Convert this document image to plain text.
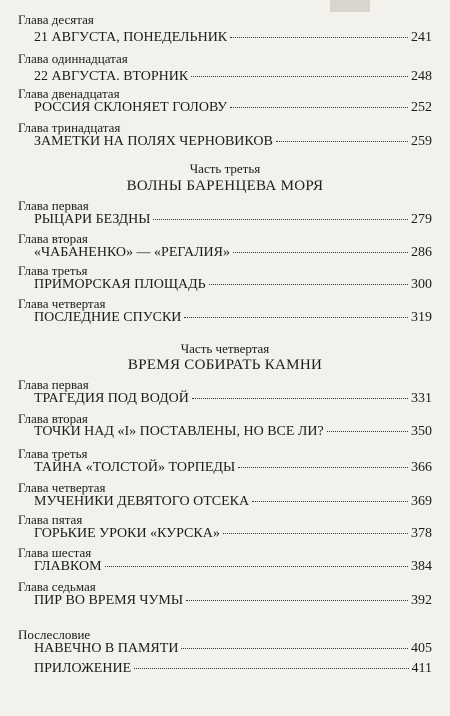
Глава десятая
21 АВГУСТА, ПОНЕДЕЛЬНИК	241
Глава одиннадцатая
22 АВГУСТА. ВТОРНИК	248
Глава двенадцатая
РОССИЯ СКЛОНЯЕТ ГОЛОВУ	252
Глава тринадцатая
ЗАМЕТКИ НА ПОЛЯХ ЧЕРНОВИКОВ	259
Часть третья
ВОЛНЫ БАРЕНЦЕВА МОРЯ
Глава первая
РЫЦАРИ БЕЗДНЫ	279
Глава вторая
«ЧАБАНЕНКО» — «РЕГАЛИЯ»	286
Глава третья
ПРИМОРСКАЯ ПЛОЩАДЬ	300
Глава четвертая
ПОСЛЕДНИЕ СПУСКИ	319
Часть четвертая
ВРЕМЯ СОБИРАТЬ КАМНИ
Глава первая
ТРАГЕДИЯ ПОД ВОДОЙ	331
Глава вторая
ТОЧКИ НАД «I» ПОСТАВЛЕНЫ, НО ВСЕ ЛИ?	350
Глава третья
ТАЙНА «ТОЛСТОЙ» ТОРПЕДЫ	366
Глава четвертая
МУЧЕНИКИ ДЕВЯТОГО ОТСЕКА	369
Глава пятая
ГОРЬКИЕ УРОКИ «КУРСКА»	378
Глава шестая
ГЛАВКОМ	384
Глава седьмая
ПИР ВО ВРЕМЯ ЧУМЫ	392
Послесловие
НАВЕЧНО В ПАМЯТИ	405
ПРИЛОЖЕНИЕ	411
